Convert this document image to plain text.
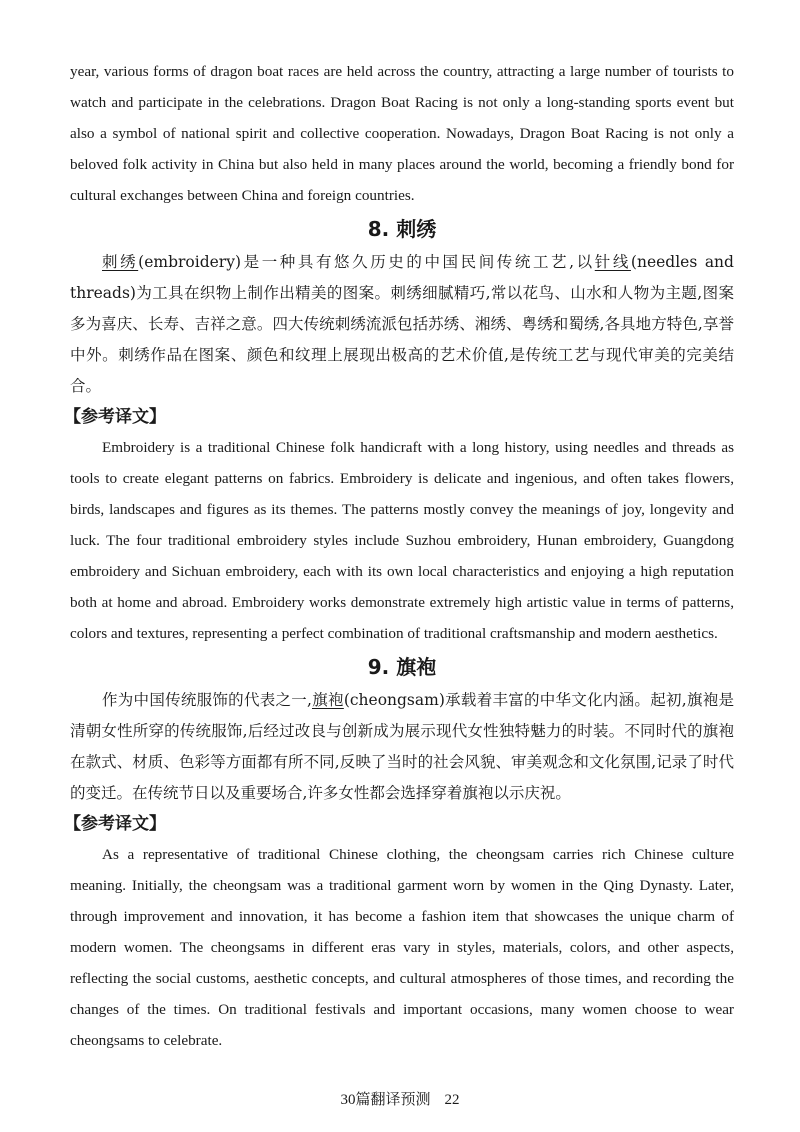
year, various forms of dragon boat races are held across the country, attracting a large number of tourists to watch and participate in the celebrations. Dragon Boat Racing is not only a long-standing sports event but also a symbol of national spirit and collective cooperation. Nowadays, Dragon Boat Racing is not only a beloved folk activity in China but also held in many places around the world, becoming a friendly bond for cultural exchanges between China and foreign countries.

8. 刺绣

刺绣(embroidery)是一种具有悠久历史的中国民间传统工艺,以针线(needles and threads)为工具在织物上制作出精美的图案。刺绣细腻精巧,常以花鸟、山水和人物为主题,图案多为喜庆、长寿、吉祥之意。四大传统刺绣流派包括苏绣、湘绣、粤绣和蜀绣,各具地方特色,享誉中外。刺绣作品在图案、颜色和纹理上展现出极高的艺术价值,是传统工艺与现代审美的完美结合。

【参考译文】

Embroidery is a traditional Chinese folk handicraft with a long history, using needles and threads as tools to create elegant patterns on fabrics. Embroidery is delicate and ingenious, and often takes flowers, birds, landscapes and figures as its themes. The patterns mostly convey the meanings of joy, longevity and luck. The four traditional embroidery styles include Suzhou embroidery, Hunan embroidery, Guangdong embroidery and Sichuan embroidery, each with its own local characteristics and enjoying a high reputation both at home and abroad. Embroidery works demonstrate extremely high artistic value in terms of patterns, colors and textures, representing a perfect combination of traditional craftsmanship and modern aesthetics.

9. 旗袍

作为中国传统服饰的代表之一,旗袍(cheongsam)承载着丰富的中华文化内涵。起初,旗袍是清朝女性所穿的传统服饰,后经过改良与创新成为展示现代女性独特魅力的时装。不同时代的旗袍在款式、材质、色彩等方面都有所不同,反映了当时的社会风貌、审美观念和文化氛围,记录了时代的变迁。在传统节日以及重要场合,许多女性都会选择穿着旗袍以示庆祝。

【参考译文】

As a representative of traditional Chinese clothing, the cheongsam carries rich Chinese culture meaning. Initially, the cheongsam was a traditional garment worn by women in the Qing Dynasty. Later, through improvement and innovation, it has become a fashion item that showcases the unique charm of modern women. The cheongsams in different eras vary in styles, materials, colors, and other aspects, reflecting the social customs, aesthetic concepts, and cultural atmospheres of those times, and recording the changes of the times. On traditional festivals and important occasions, many women choose to wear cheongsams to celebrate.

30篇翻译预测 22
